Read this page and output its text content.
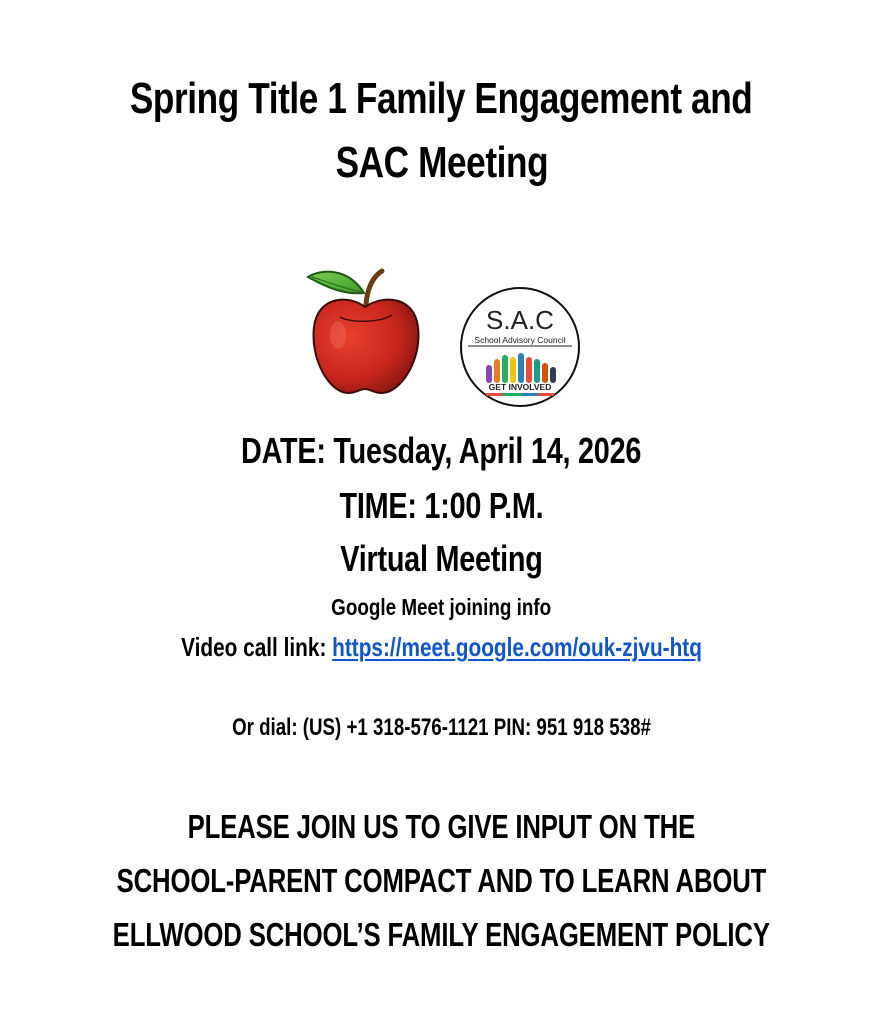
Spring Title 1 Family Engagement and
SAC Meeting
S.A.C
School Advisory Council
GET INVOLVED
DATE: Tuesday, April 14, 2026
TIME: 1:00 P.M.
Virtual Meeting
Google Meet joining info
Video call link: https://meet.google.com/ouk-zjvu-htq
Or dial: (US) +1 318-576-1121 PIN: 951 918 538#
PLEASE JOIN US TO GIVE INPUT ON THE
SCHOOL-PARENT COMPACT AND TO LEARN ABOUT
ELLWOOD SCHOOL’S FAMILY ENGAGEMENT POLICY
